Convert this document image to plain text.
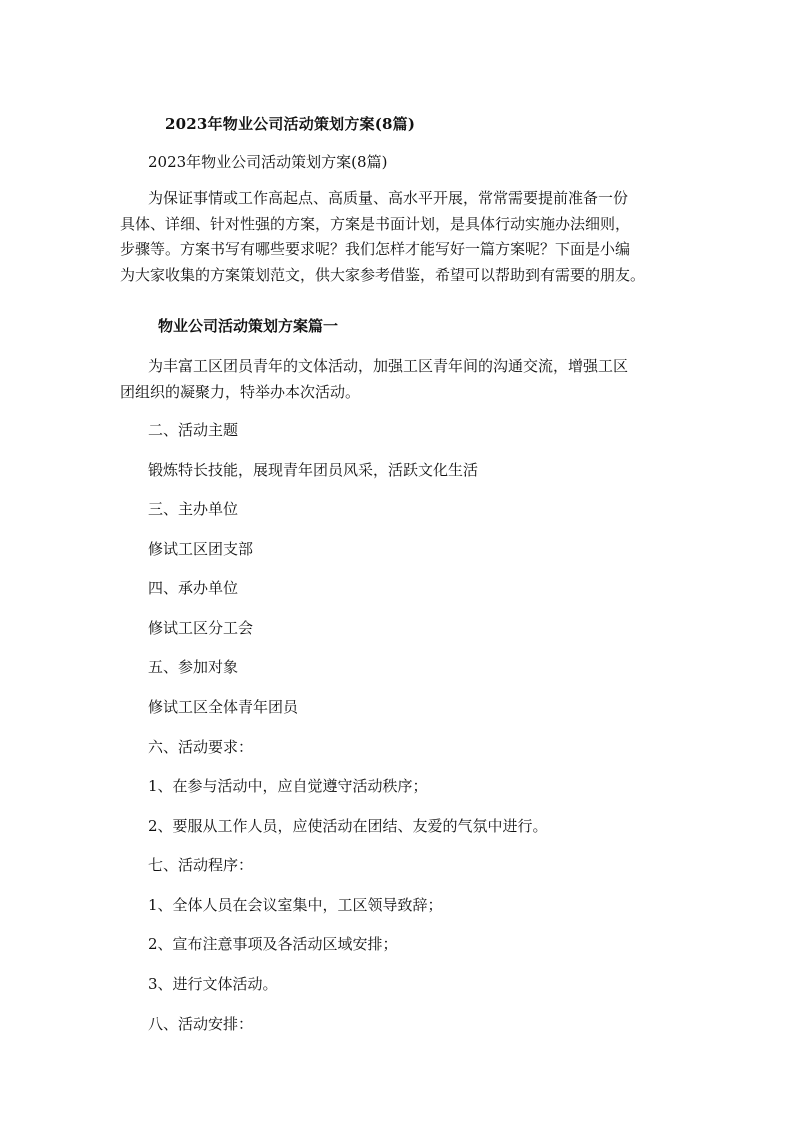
2023年物业公司活动策划方案(8篇)
2023年物业公司活动策划方案(8篇)

为保证事情或工作高起点、高质量、高水平开展，常常需要提前准备一份

具体、详细、针对性强的方案，方案是书面计划，是具体行动实施办法细则，

步骤等。方案书写有哪些要求呢？我们怎样才能写好一篇方案呢？下面是小编

为大家收集的方案策划范文，供大家参考借鉴，希望可以帮助到有需要的朋友。

物业公司活动策划方案篇一

为丰富工区团员青年的文体活动，加强工区青年间的沟通交流，增强工区

团组织的凝聚力，特举办本次活动。

二、活动主题
锻炼特长技能，展现青年团员风采，活跃文化生活
三、主办单位
修试工区团支部
四、承办单位
修试工区分工会
五、参加对象
修试工区全体青年团员
六、活动要求：
1、在参与活动中，应自觉遵守活动秩序；
2、要服从工作人员，应使活动在团结、友爱的气氛中进行。
七、活动程序：
1、全体人员在会议室集中，工区领导致辞；
2、宣布注意事项及各活动区域安排；
3、进行文体活动。
八、活动安排：
